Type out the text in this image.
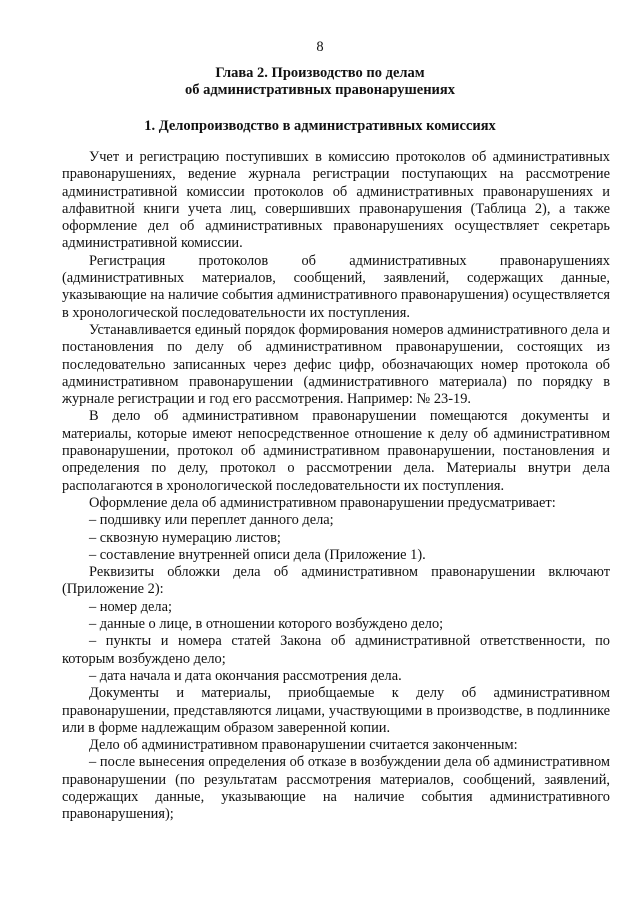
8
Глава 2. Производство по делам
об административных правонарушениях
1. Делопроизводство в административных комиссиях

Учет и регистрацию поступивших в комиссию протоколов об административных правонарушениях, ведение журнала регистрации поступающих на рассмотрение административной комиссии протоколов об административных правонарушениях и алфавитной книги учета лиц, совершивших правонарушения (Таблица 2), а также оформление дел об административных правонарушениях осуществляет секретарь административной комиссии.

Регистрация протоколов об административных правонарушениях (административных материалов, сообщений, заявлений, содержащих данные, указывающие на наличие события административного правонарушения) осуществляется в хронологической последовательности их поступления.

Устанавливается единый порядок формирования номеров административного дела и постановления по делу об административном правонарушении, состоящих из последовательно записанных через дефис цифр, обозначающих номер протокола об административном правонарушении (административного материала) по порядку в журнале регистрации и год его рассмотрения. Например: № 23-19.

В дело об административном правонарушении помещаются документы и материалы, которые имеют непосредственное отношение к делу об административном правонарушении, протокол об административном правонарушении, постановления и определения по делу, протокол о рассмотрении дела. Материалы внутри дела располагаются в хронологической последовательности их поступления.

Оформление дела об административном правонарушении предусматривает:

– подшивку или переплет данного дела;

– сквозную нумерацию листов;

– составление внутренней описи дела (Приложение 1).

Реквизиты обложки дела об административном правонарушении включают (Приложение 2):

– номер дела;

– данные о лице, в отношении которого возбуждено дело;

– пункты и номера статей Закона об административной ответственности, по которым возбуждено дело;

– дата начала и дата окончания рассмотрения дела.

Документы и материалы, приобщаемые к делу об административном правонарушении, представляются лицами, участвующими в производстве, в подлиннике или в форме надлежащим образом заверенной копии.

Дело об административном правонарушении считается законченным:

– после вынесения определения об отказе в возбуждении дела об административном правонарушении (по результатам рассмотрения материалов, сообщений, заявлений, содержащих данные, указывающие на наличие события административного правонарушения);
